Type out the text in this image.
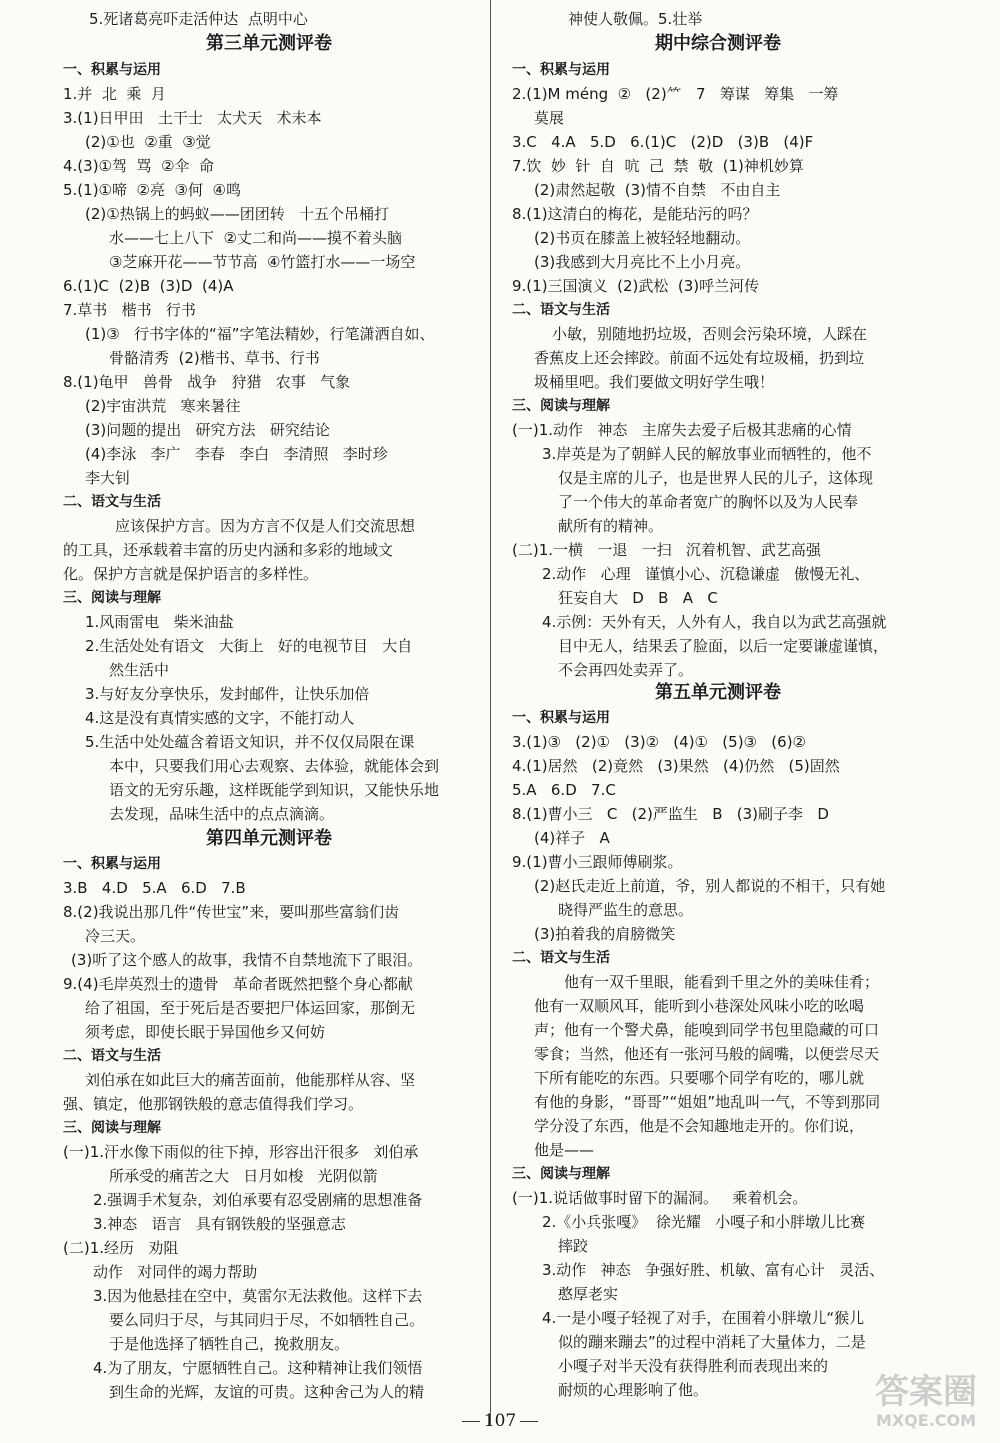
5.死诸葛亮吓走活仲达  点明中心
第三单元测评卷
一、积累与运用
1.并  北  乘  月
3.(1)日甲田   土干士   太犬天   术未本
(2)①也  ②重  ③觉
4.(3)①驾  骂  ②伞  命
5.(1)①啼  ②亮  ③何  ④鸣
(2)①热锅上的蚂蚁——团团转   十五个吊桶打
水——七上八下  ②丈二和尚——摸不着头脑
③芝麻开花——节节高  ④竹篮打水——一场空
6.(1)C  (2)B  (3)D  (4)A
7.草书   楷书   行书
(1)③   行书字体的“福”字笔法精妙，行笔潇洒自如、
骨骼清秀  (2)楷书、草书、行书
8.(1)龟甲   兽骨   战争   狩猎   农事   气象
(2)宇宙洪荒   寒来暑往
(3)问题的提出   研究方法   研究结论
(4)李泳   李广   李春   李白   李清照   李时珍
李大钊
二、语文与生活
应该保护方言。因为方言不仅是人们交流思想
的工具，还承载着丰富的历史内涵和多彩的地域文
化。保护方言就是保护语言的多样性。
三、阅读与理解
1.风雨雷电   柴米油盐
2.生活处处有语文   大街上   好的电视节目   大自
然生活中
3.与好友分享快乐，发封邮件，让快乐加倍
4.这是没有真情实感的文字，不能打动人
5.生活中处处蕴含着语文知识，并不仅仅局限在课
本中，只要我们用心去观察、去体验，就能体会到
语文的无穷乐趣，这样既能学到知识，又能快乐地
去发现，品味生活中的点点滴滴。
第四单元测评卷
一、积累与运用
3.B   4.D   5.A   6.D   7.B
8.(2)我说出那几件“传世宝”来，要叫那些富翁们齿
冷三天。
(3)听了这个感人的故事，我情不自禁地流下了眼泪。
9.(4)毛岸英烈士的遗骨   革命者既然把整个身心都献
给了祖国，至于死后是否要把尸体运回家，那倒无
须考虑，即使长眠于异国他乡又何妨
二、语文与生活
刘伯承在如此巨大的痛苦面前，他能那样从容、坚
强、镇定，他那钢铁般的意志值得我们学习。
三、阅读与理解
(一)1.汗水像下雨似的往下掉，形容出汗很多   刘伯承
所承受的痛苦之大   日月如梭   光阴似箭
2.强调手术复杂，刘伯承要有忍受剧痛的思想准备
3.神态   语言   具有钢铁般的坚强意志
(二)1.经历   劝阻
动作   对同伴的竭力帮助
3.因为他悬挂在空中，莫雷尔无法救他。这样下去
要么同归于尽，与其同归于尽，不如牺牲自己。
于是他选择了牺牲自己，挽救朋友。
4.为了朋友，宁愿牺牲自己。这种精神让我们领悟
到生命的光辉，友谊的可贵。这种舍己为人的精
神使人敬佩。5.壮举
期中综合测评卷
一、积累与运用
2.(1)M méng  ②   (2)⺮   7   筹谋   筹集   一筹
莫展
3.C   4.A   5.D   6.(1)C   (2)D   (3)B   (4)F
7.饮  妙  针  自  吭  己  禁  敬  (1)神机妙算
(2)肃然起敬  (3)情不自禁   不由自主
8.(1)这清白的梅花，是能玷污的吗？
(2)书页在膝盖上被轻轻地翻动。
(3)我感到大月亮比不上小月亮。
9.(1)三国演义  (2)武松  (3)呼兰河传
二、语文与生活
小敏，别随地扔垃圾，否则会污染环境，人踩在
香蕉皮上还会摔跤。前面不远处有垃圾桶，扔到垃
圾桶里吧。我们要做文明好学生哦！
三、阅读与理解
(一)1.动作   神态   主席失去爱子后极其悲痛的心情
3.岸英是为了朝鲜人民的解放事业而牺牲的，他不
仅是主席的儿子，也是世界人民的儿子，这体现
了一个伟大的革命者宽广的胸怀以及为人民奉
献所有的精神。
(二)1.一横   一退   一扫   沉着机智、武艺高强
2.动作   心理   谨慎小心、沉稳谦虚   傲慢无礼、
狂妄自大   D   B   A   C
4.示例：天外有天，人外有人，我自以为武艺高强就
目中无人，结果丢了脸面，以后一定要谦虚谨慎，
不会再四处卖弄了。
第五单元测评卷
一、积累与运用
3.(1)③   (2)①   (3)②   (4)①   (5)③   (6)②
4.(1)居然   (2)竟然   (3)果然   (4)仍然   (5)固然
5.A   6.D   7.C
8.(1)曹小三   C   (2)严监生   B   (3)刷子李   D
(4)祥子   A
9.(1)曹小三跟师傅刷浆。
(2)赵氏走近上前道，爷，别人都说的不相干，只有她
晓得严监生的意思。
(3)拍着我的肩膀微笑
二、语文与生活
他有一双千里眼，能看到千里之外的美味佳肴；
他有一双顺风耳，能听到小巷深处风味小吃的吆喝
声；他有一个警犬鼻，能嗅到同学书包里隐藏的可口
零食；当然，他还有一张河马般的阔嘴，以便尝尽天
下所有能吃的东西。只要哪个同学有吃的，哪儿就
有他的身影，“哥哥”“姐姐”地乱叫一气，不等到那同
学分没了东西，他是不会知趣地走开的。你们说，
他是——
三、阅读与理解
(一)1.说话做事时留下的漏洞。   乘着机会。
2.《小兵张嘎》  徐光耀   小嘎子和小胖墩儿比赛
摔跤
3.动作   神态   争强好胜、机敏、富有心计   灵活、
憨厚老实
4.一是小嘎子轻视了对手，在围着小胖墩儿“猴儿
似的蹦来蹦去”的过程中消耗了大量体力，二是
小嘎子对半天没有获得胜利而表现出来的
耐烦的心理影响了他。
107
答案圈
MXQE.COM
